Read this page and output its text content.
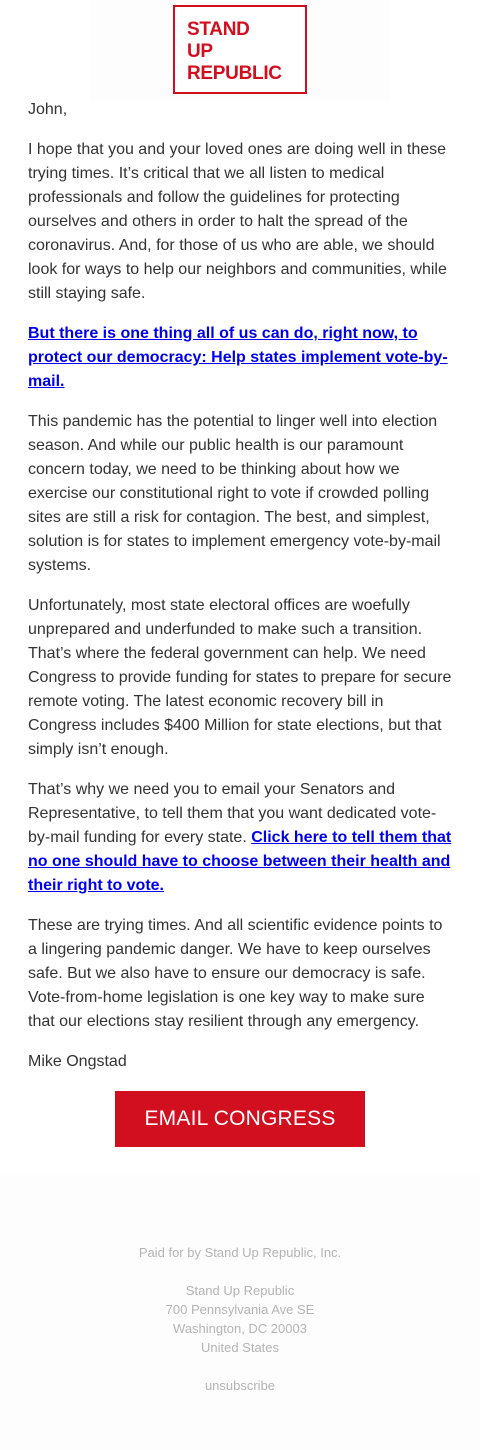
STAND
UP
REPUBLIC

John,

I hope that you and your loved ones are doing well in these trying times. It’s critical that we all listen to medical professionals and follow the guidelines for protecting ourselves and others in order to halt the spread of the coronavirus. And, for those of us who are able, we should look for ways to help our neighbors and communities, while still staying safe.

But there is one thing all of us can do, right now, to protect our democracy: Help states implement vote-by-mail.

This pandemic has the potential to linger well into election season. And while our public health is our paramount concern today, we need to be thinking about how we exercise our constitutional right to vote if crowded polling sites are still a risk for contagion. The best, and simplest, solution is for states to implement emergency vote-by-mail systems.

Unfortunately, most state electoral offices are woefully unprepared and underfunded to make such a transition. That’s where the federal government can help. We need Congress to provide funding for states to prepare for secure remote voting. The latest economic recovery bill in Congress includes $400 Million for state elections, but that simply isn’t enough.

That’s why we need you to email your Senators and Representative, to tell them that you want dedicated vote-by-mail funding for every state. Click here to tell them that no one should have to choose between their health and their right to vote.

These are trying times. And all scientific evidence points to a lingering pandemic danger. We have to keep ourselves safe. But we also have to ensure our democracy is safe. Vote-from-home legislation is one key way to make sure that our elections stay resilient through any emergency.

Mike Ongstad

EMAIL CONGRESS
Paid for by Stand Up Republic, Inc.
Stand Up Republic
700 Pennsylvania Ave SE
Washington, DC 20003
United States
unsubscribe
